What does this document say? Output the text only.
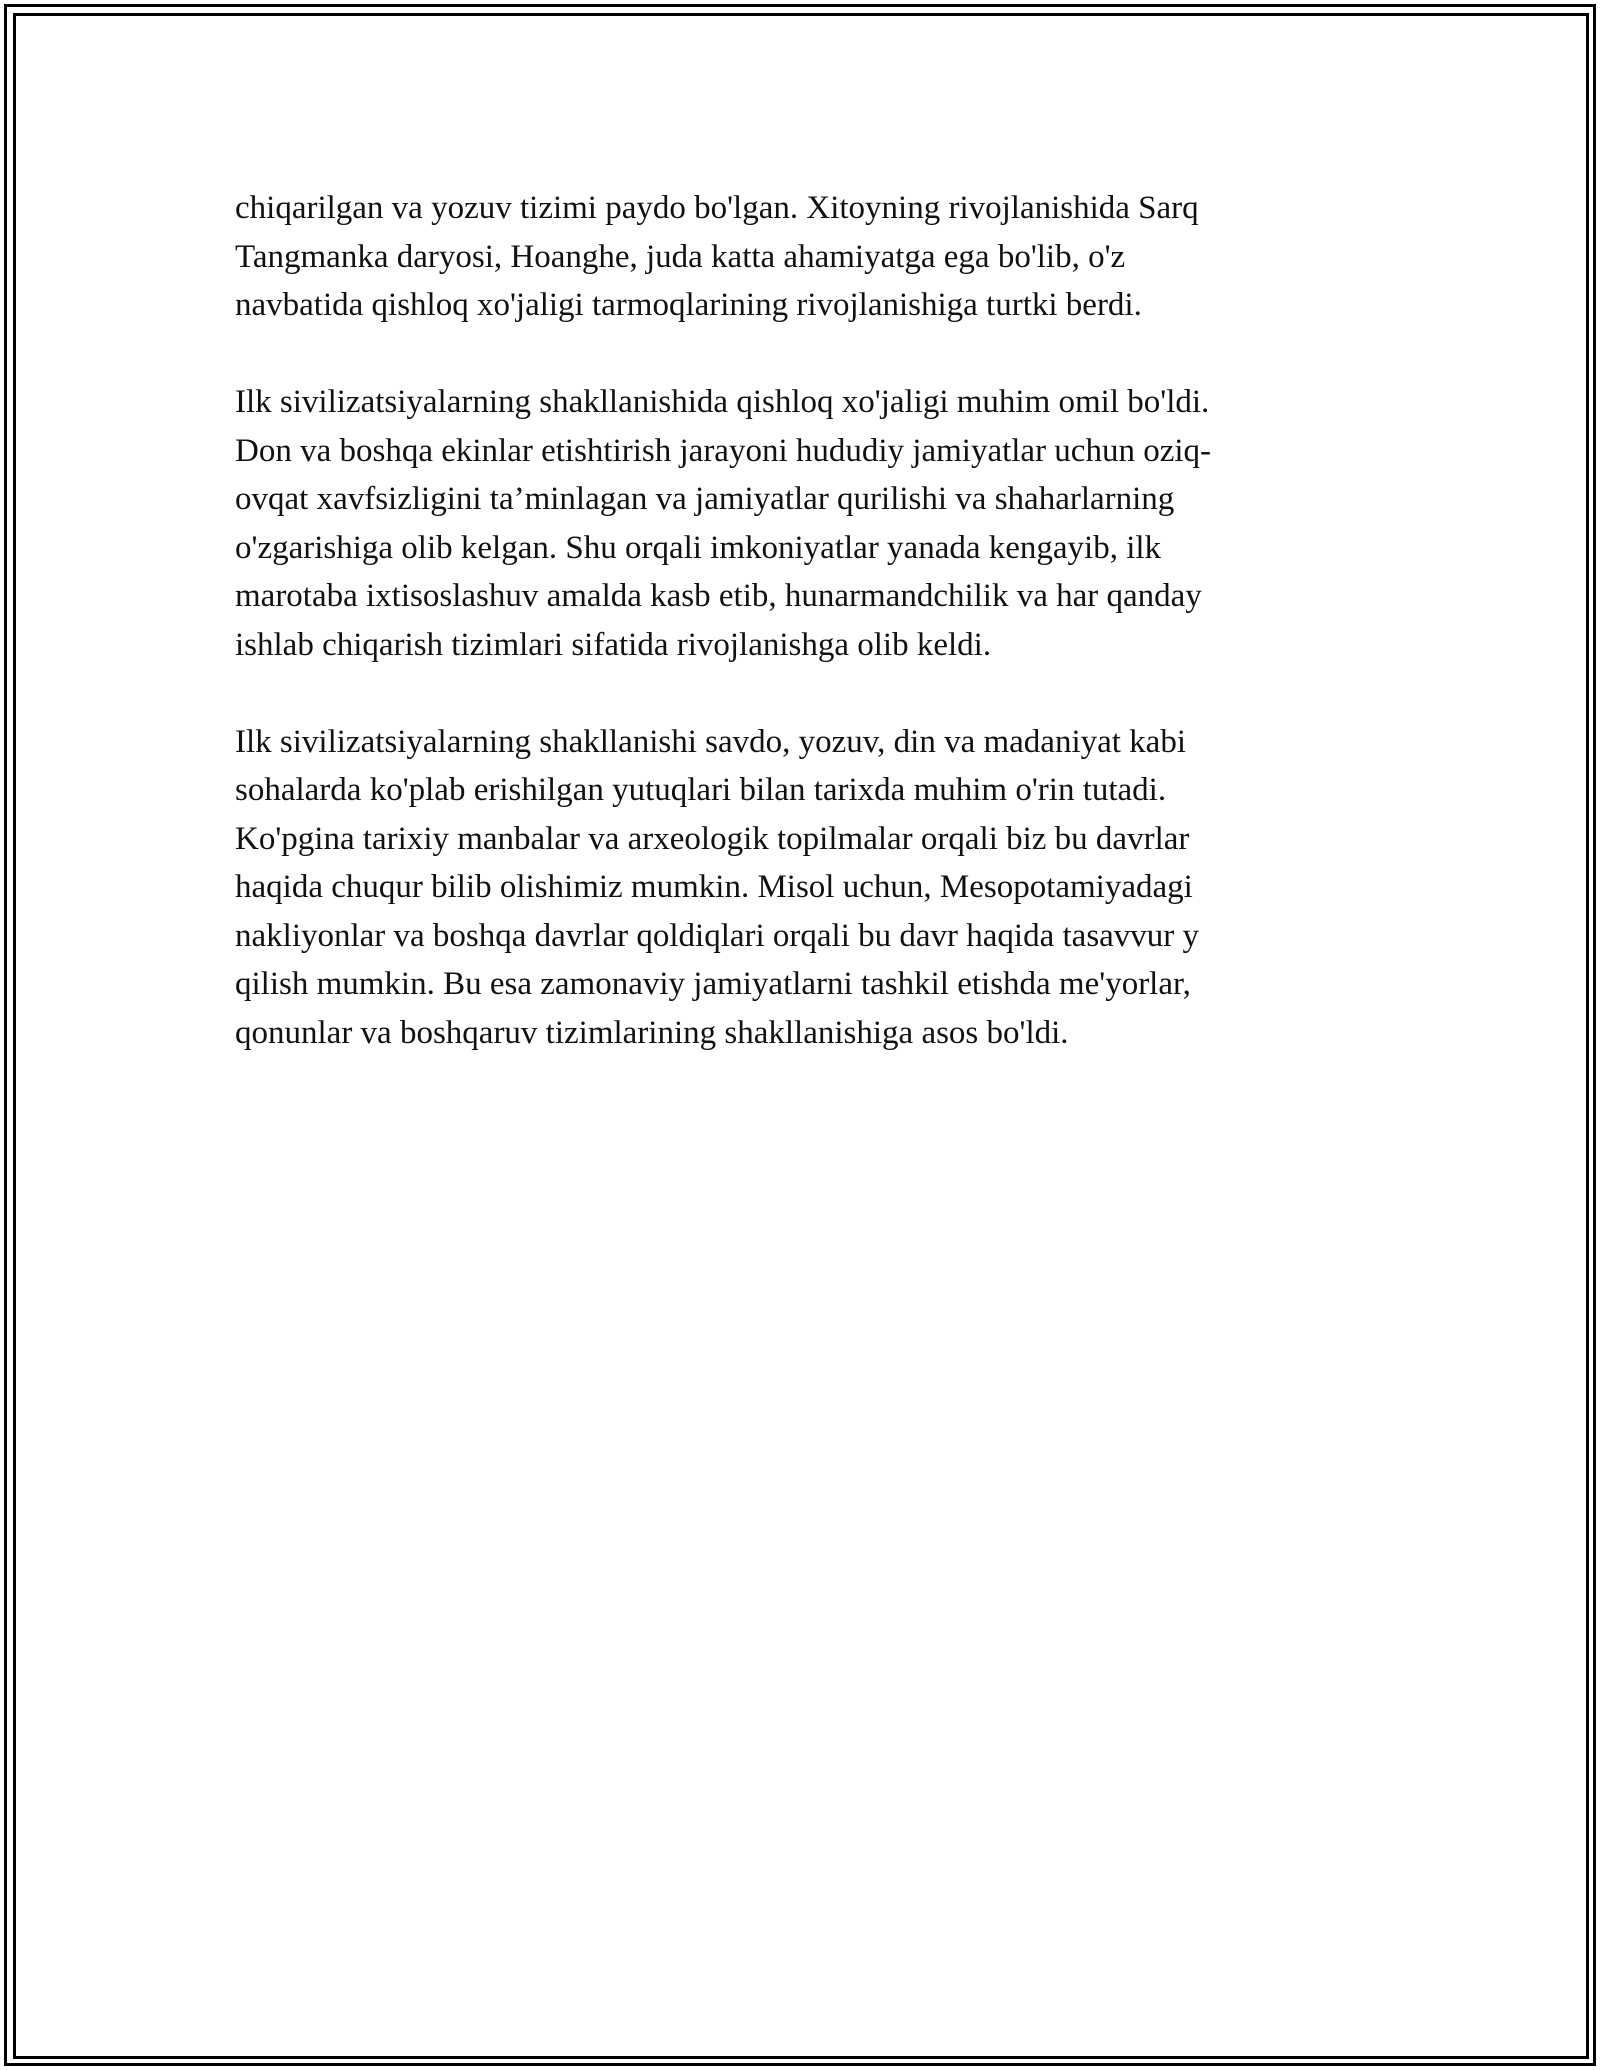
chiqarilgan va yozuv tizimi paydo bo'lgan. Xitoyning rivojlanishida Sarq
Tangmanka daryosi, Hoanghe, juda katta ahamiyatga ega bo'lib, o'z
navbatida qishloq xo'jaligi tarmoqlarining rivojlanishiga turtki berdi.

Ilk sivilizatsiyalarning shakllanishida qishloq xo'jaligi muhim omil bo'ldi.
Don va boshqa ekinlar etishtirish jarayoni hududiy jamiyatlar uchun oziq-
ovqat xavfsizligini ta’minlagan va jamiyatlar qurilishi va shaharlarning
o'zgarishiga olib kelgan. Shu orqali imkoniyatlar yanada kengayib, ilk
marotaba ixtisoslashuv amalda kasb etib, hunarmandchilik va har qanday
ishlab chiqarish tizimlari sifatida rivojlanishga olib keldi.

Ilk sivilizatsiyalarning shakllanishi savdo, yozuv, din va madaniyat kabi
sohalarda ko'plab erishilgan yutuqlari bilan tarixda muhim o'rin tutadi.
Ko'pgina tarixiy manbalar va arxeologik topilmalar orqali biz bu davrlar
haqida chuqur bilib olishimiz mumkin. Misol uchun, Mesopotamiyadagi
nakliyonlar va boshqa davrlar qoldiqlari orqali bu davr haqida tasavvur y
qilish mumkin. Bu esa zamonaviy jamiyatlarni tashkil etishda me'yorlar,
qonunlar va boshqaruv tizimlarining shakllanishiga asos bo'ldi.
